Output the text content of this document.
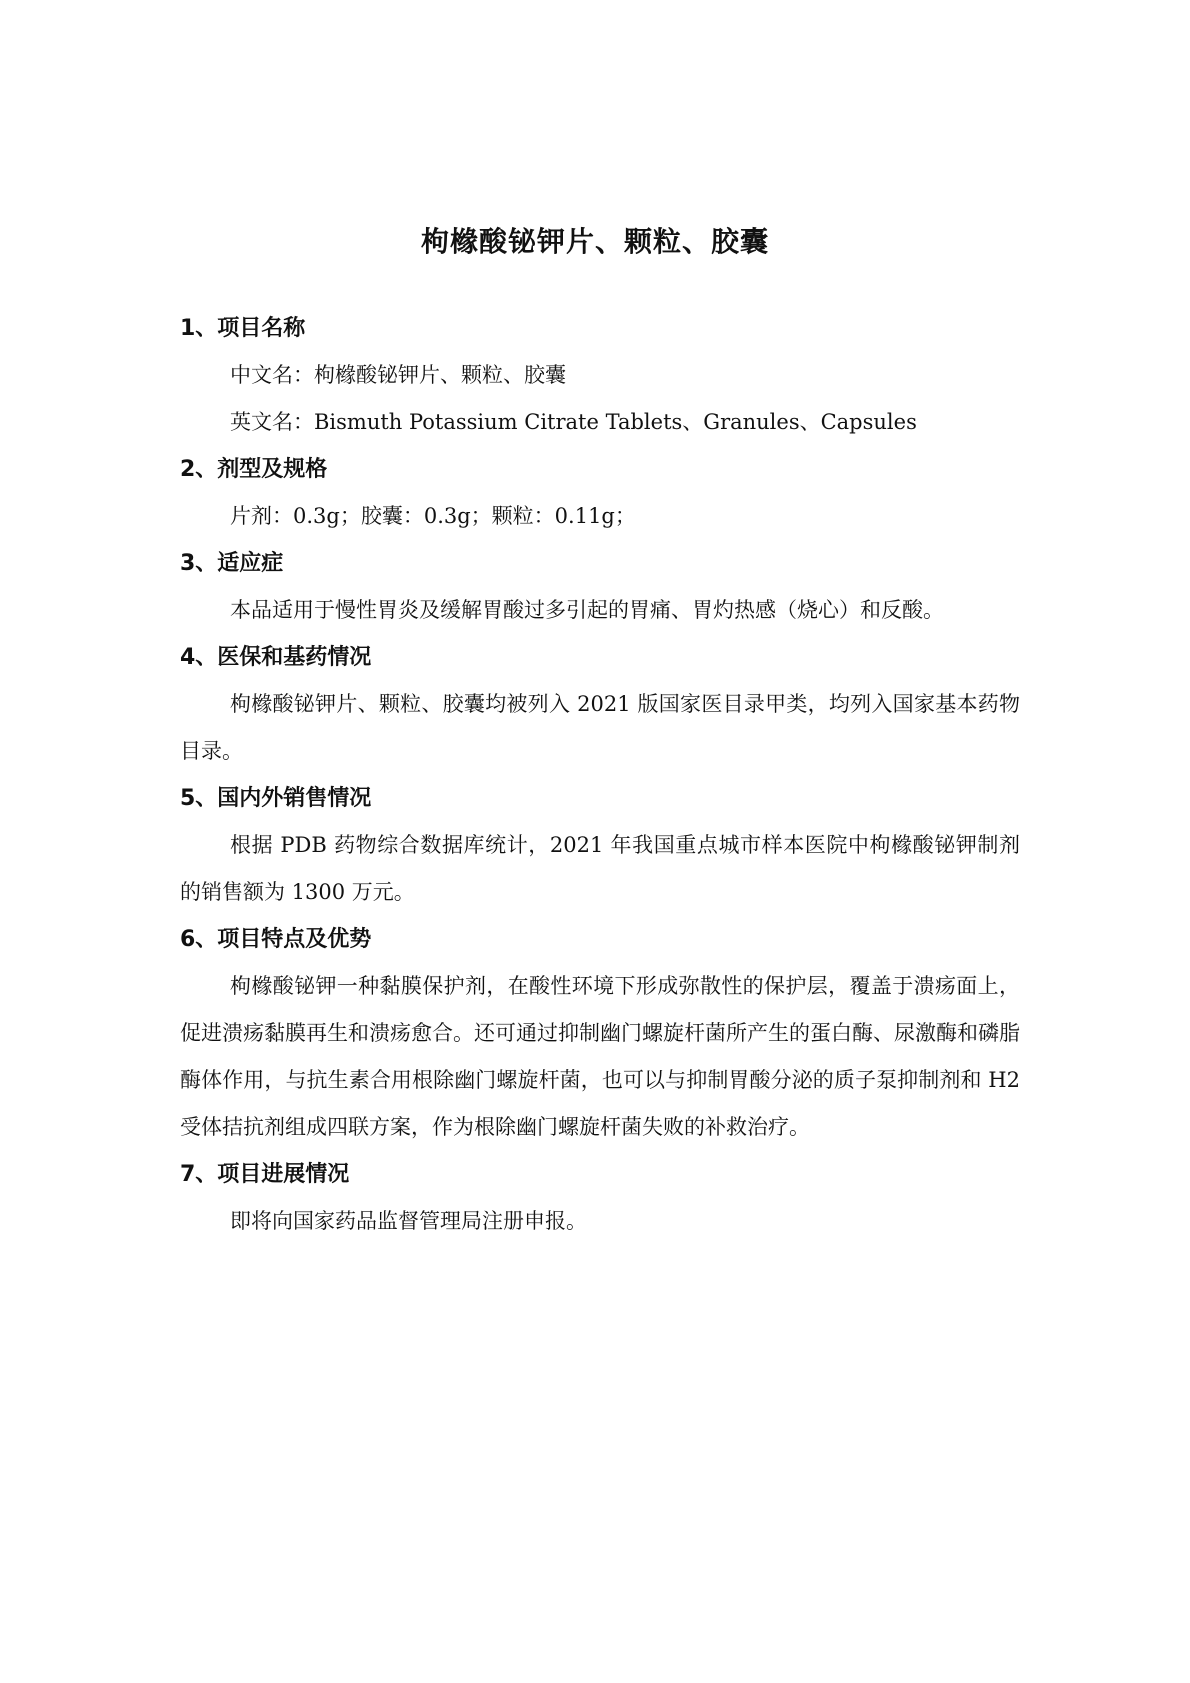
枸橼酸铋钾片、颗粒、胶囊
1、项目名称
中文名：枸橼酸铋钾片、颗粒、胶囊
英文名：Bismuth Potassium Citrate Tablets、Granules、Capsules
2、剂型及规格
片剂：0.3g；胶囊：0.3g；颗粒：0.11g；
3、适应症

本品适用于慢性胃炎及缓解胃酸过多引起的胃痛、胃灼热感（烧心）和反酸。

4、医保和基药情况

枸橼酸铋钾片、颗粒、胶囊均被列入 2021 版国家医目录甲类，均列入国家基本药物目录。

5、国内外销售情况

根据 PDB 药物综合数据库统计，2021 年我国重点城市样本医院中枸橼酸铋钾制剂的销售额为 1300 万元。

6、项目特点及优势

枸橼酸铋钾一种黏膜保护剂，在酸性环境下形成弥散性的保护层，覆盖于溃疡面上，促进溃疡黏膜再生和溃疡愈合。还可通过抑制幽门螺旋杆菌所产生的蛋白酶、尿激酶和磷脂酶体作用，与抗生素合用根除幽门螺旋杆菌，也可以与抑制胃酸分泌的质子泵抑制剂和 H2 受体拮抗剂组成四联方案，作为根除幽门螺旋杆菌失败的补救治疗。

7、项目进展情况

即将向国家药品监督管理局注册申报。
